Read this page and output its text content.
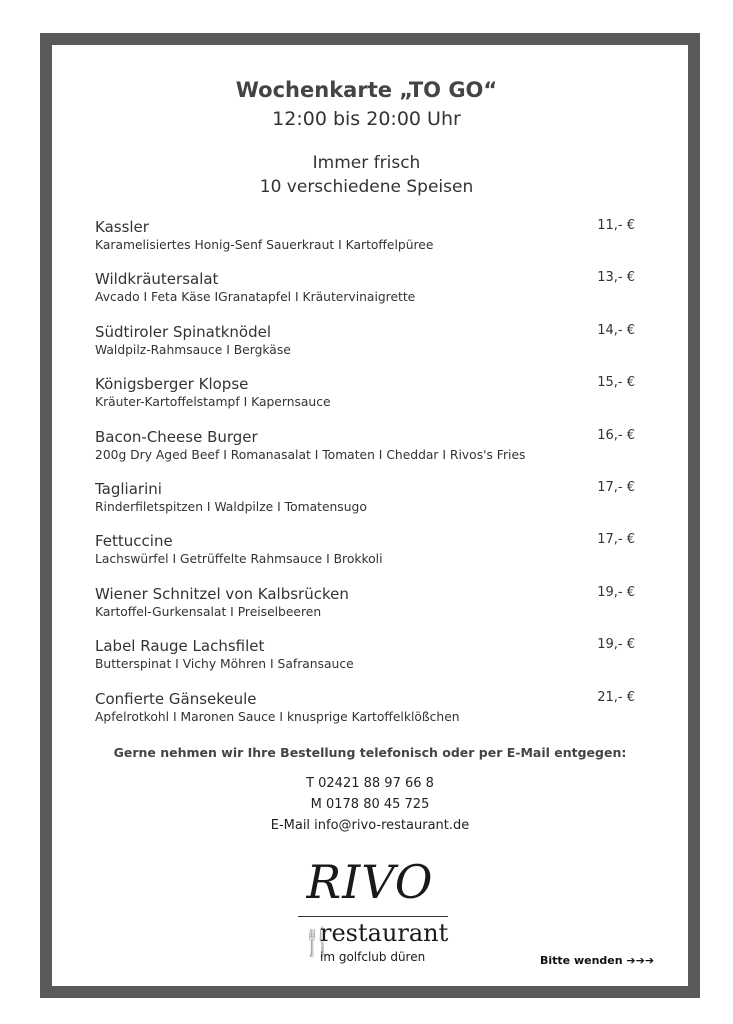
Wochenkarte „TO GO“
12:00 bis 20:00 Uhr
Immer frisch
10 verschiedene Speisen
Kassler
Karamelisiertes Honig-Senf Sauerkraut I Kartoffelpüree
11,- €
Wildkräutersalat
Avcado I Feta Käse IGranatapfel I Kräutervinaigrette
13,- €
Südtiroler Spinatknödel
Waldpilz-Rahmsauce I Bergkäse
14,- €
Königsberger Klopse
Kräuter-Kartoffelstampf I Kapernsauce
15,- €
Bacon-Cheese Burger
200g Dry Aged Beef I Romanasalat I Tomaten I Cheddar I Rivos's Fries
16,- €
Tagliarini
Rinderfiletspitzen I Waldpilze I Tomatensugo
17,- €
Fettuccine
Lachswürfel I Getrüffelte Rahmsauce I Brokkoli
17,- €
Wiener Schnitzel von Kalbsrücken
Kartoffel-Gurkensalat I Preiselbeeren
19,- €
Label Rauge Lachsfilet
Butterspinat I Vichy Möhren I Safransauce
19,- €
Confierte Gänsekeule
Apfelrotkohl I Maronen Sauce I knusprige Kartoffelklößchen
21,- €
Gerne nehmen wir Ihre Bestellung telefonisch oder per E-Mail entgegen:
T 02421 88 97 66 8
M 0178 80 45 725
E-Mail info@rivo-restaurant.de
RIVO
🍴
restaurant
im golfclub düren	Bitte wenden ➔➔➔
